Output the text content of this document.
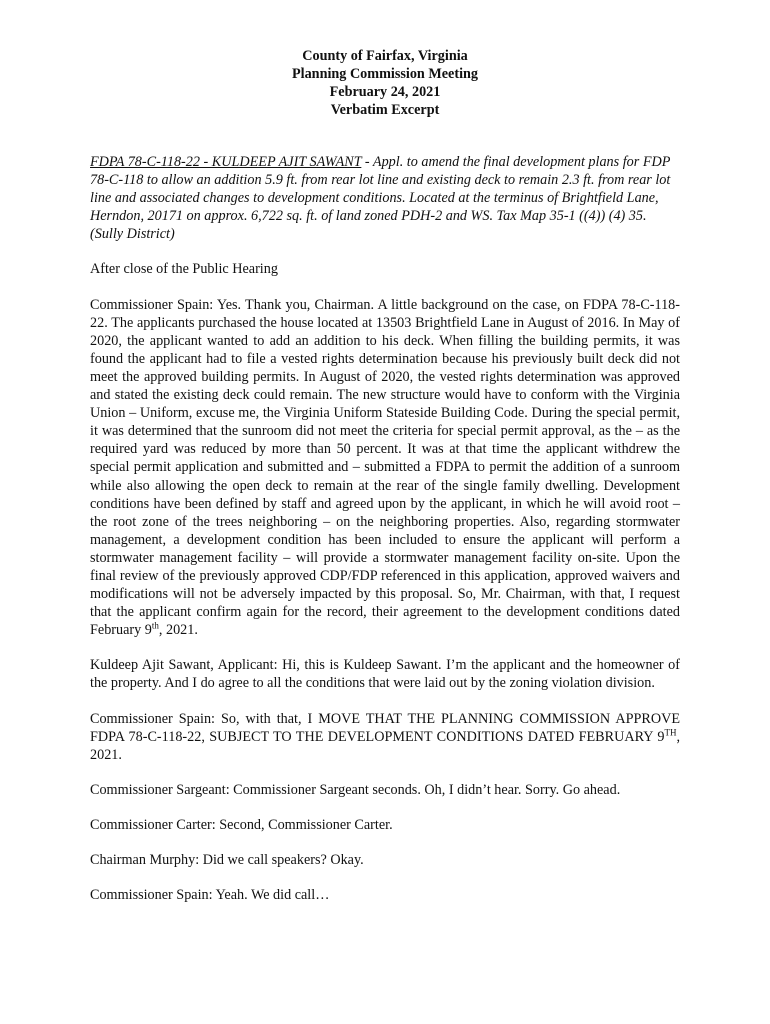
County of Fairfax, Virginia
Planning Commission Meeting
February 24, 2021
Verbatim Excerpt

FDPA 78-C-118-22 - KULDEEP AJIT SAWANT - Appl. to amend the final development plans for FDP 78-C-118 to allow an addition 5.9 ft. from rear lot line and existing deck to remain 2.3 ft. from rear lot line and associated changes to development conditions. Located at the terminus of Brightfield Lane, Herndon, 20171 on approx. 6,722 sq. ft. of land zoned PDH-2 and WS. Tax Map 35-1 ((4)) (4) 35. (Sully District)

After close of the Public Hearing

Commissioner Spain: Yes. Thank you, Chairman. A little background on the case, on FDPA 78-C-118-22. The applicants purchased the house located at 13503 Brightfield Lane in August of 2016. In May of 2020, the applicant wanted to add an addition to his deck. When filling the building permits, it was found the applicant had to file a vested rights determination because his previously built deck did not meet the approved building permits. In August of 2020, the vested rights determination was approved and stated the existing deck could remain. The new structure would have to conform with the Virginia Union – Uniform, excuse me, the Virginia Uniform Stateside Building Code. During the special permit, it was determined that the sunroom did not meet the criteria for special permit approval, as the – as the required yard was reduced by more than 50 percent. It was at that time the applicant withdrew the special permit application and submitted and – submitted a FDPA to permit the addition of a sunroom while also allowing the open deck to remain at the rear of the single family dwelling. Development conditions have been defined by staff and agreed upon by the applicant, in which he will avoid root – the root zone of the trees neighboring – on the neighboring properties. Also, regarding stormwater management, a development condition has been included to ensure the applicant will perform a stormwater management facility – will provide a stormwater management facility on-site. Upon the final review of the previously approved CDP/FDP referenced in this application, approved waivers and modifications will not be adversely impacted by this proposal. So, Mr. Chairman, with that, I request that the applicant confirm again for the record, their agreement to the development conditions dated February 9th, 2021.

Kuldeep Ajit Sawant, Applicant: Hi, this is Kuldeep Sawant. I’m the applicant and the homeowner of the property. And I do agree to all the conditions that were laid out by the zoning violation division.

Commissioner Spain: So, with that, I MOVE THAT THE PLANNING COMMISSION APPROVE FDPA 78-C-118-22, SUBJECT TO THE DEVELOPMENT CONDITIONS DATED FEBRUARY 9TH, 2021.

Commissioner Sargeant: Commissioner Sargeant seconds. Oh, I didn’t hear. Sorry. Go ahead.

Commissioner Carter: Second, Commissioner Carter.

Chairman Murphy: Did we call speakers? Okay.

Commissioner Spain: Yeah. We did call…
